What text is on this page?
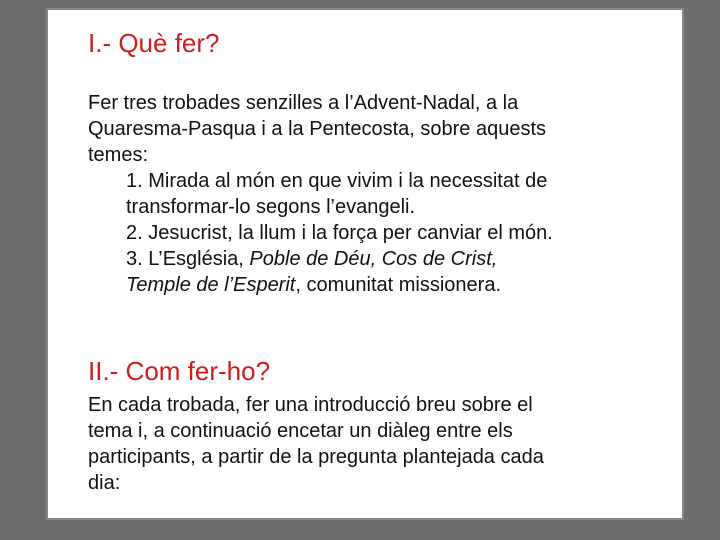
I.- Què fer?
Fer tres trobades senzilles a l’Advent-Nadal, a la
Quaresma-Pasqua i a la Pentecosta, sobre aquests
temes:
1. Mirada al món en que vivim i la necessitat de
transformar-lo segons l’evangeli.
2. Jesucrist, la llum i la força per canviar el món.
3. L’Església, Poble de Déu, Cos de Crist,
Temple de l’Esperit, comunitat missionera.
II.- Com fer-ho?
En cada trobada, fer una introducció breu sobre el
tema i, a continuació encetar un diàleg entre els
participants, a partir de la pregunta plantejada cada
dia:
